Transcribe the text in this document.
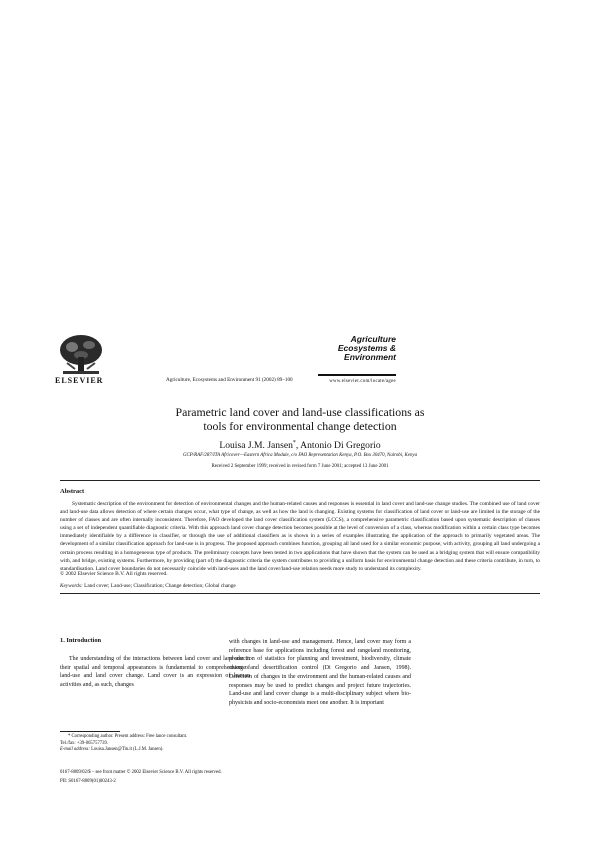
ELSEVIER	Agriculture, Ecosystems and Environment 91 (2002) 89–100
Agriculture
Ecosystems &
Environment
www.elsevier.com/locate/agee
Parametric land cover and land-use classifications as
tools for environmental change detection
Louisa J.M. Jansen*, Antonio Di Gregorio
GCP/RAF/287/ITA Africover—Eastern Africa Module, c/o FAO Representation Kenya, P.O. Box 30470, Nairobi, Kenya
Received 2 September 1999; received in revised form 7 June 2001; accepted 13 June 2001
Abstract
Systematic description of the environment for detection of environmental changes and the human-related causes and responses is essential in land cover and land-use change studies. The combined use of land cover and land-use data allows detection of where certain changes occur, what type of change, as well as how the land is changing. Existing systems for classification of land cover or land-use are limited in the storage of the number of classes and are often internally inconsistent. Therefore, FAO developed the land cover classification system (LCCS), a comprehensive parametric classification based upon systematic description of classes using a set of independent quantifiable diagnostic criteria. With this approach land cover change detection becomes possible at the level of conversion of a class, whereas modification within a certain class type becomes immediately identifiable by a difference in classifier, or through the use of additional classifiers as is shown in a series of examples illustrating the application of the approach to primarily vegetated areas. The development of a similar classification approach for land-use is in progress. The proposed approach combines function, grouping all land used for a similar economic purpose, with activity, grouping all land undergoing a certain process resulting in a homogeneous type of products. The preliminary concepts have been tested in two applications that have shown that the system can be used as a bridging system that will ensure compatibility with, and bridge, existing systems. Furthermore, by providing (part of) the diagnostic criteria the system contributes to providing a uniform basis for environmental change detection and these criteria contribute, in turn, to standardisation. Land cover boundaries do not necessarily coincide with land-uses and the land cover/land-use relation needs more study to understand its complexity.
© 2002 Elsevier Science B.V. All rights reserved.
Keywords: Land cover; Land-use; Classification; Change detection; Global change
1. Introduction
The understanding of the interactions between land cover and land-use in their spatial and temporal appearances is fundamental to comprehension of land-use and land cover change. Land cover is an expression of human activities and, as such, changes
with changes in land-use and management. Hence, land cover may form a reference base for applications including forest and rangeland monitoring, production of statistics for planning and investment, biodiversity, climate change and desertification control (Di Gregorio and Jansen, 1998). Detection of changes in the environment and the human-related causes and responses may be used to predict changes and project future trajectories. Land-use and land cover change is a multi-disciplinary subject where bio-physicists and socio-economists meet one another. It is important
* Corresponding author. Present address: Free lance consultant.
Tel./fax: +39-065757739.
E-mail address: Louisa.Jansen@Tin.it (L.J.M. Jansen).
0167-8809/02/$ – see front matter © 2002 Elsevier Science B.V. All rights reserved.
PII: S0167-8809(01)00243-2
